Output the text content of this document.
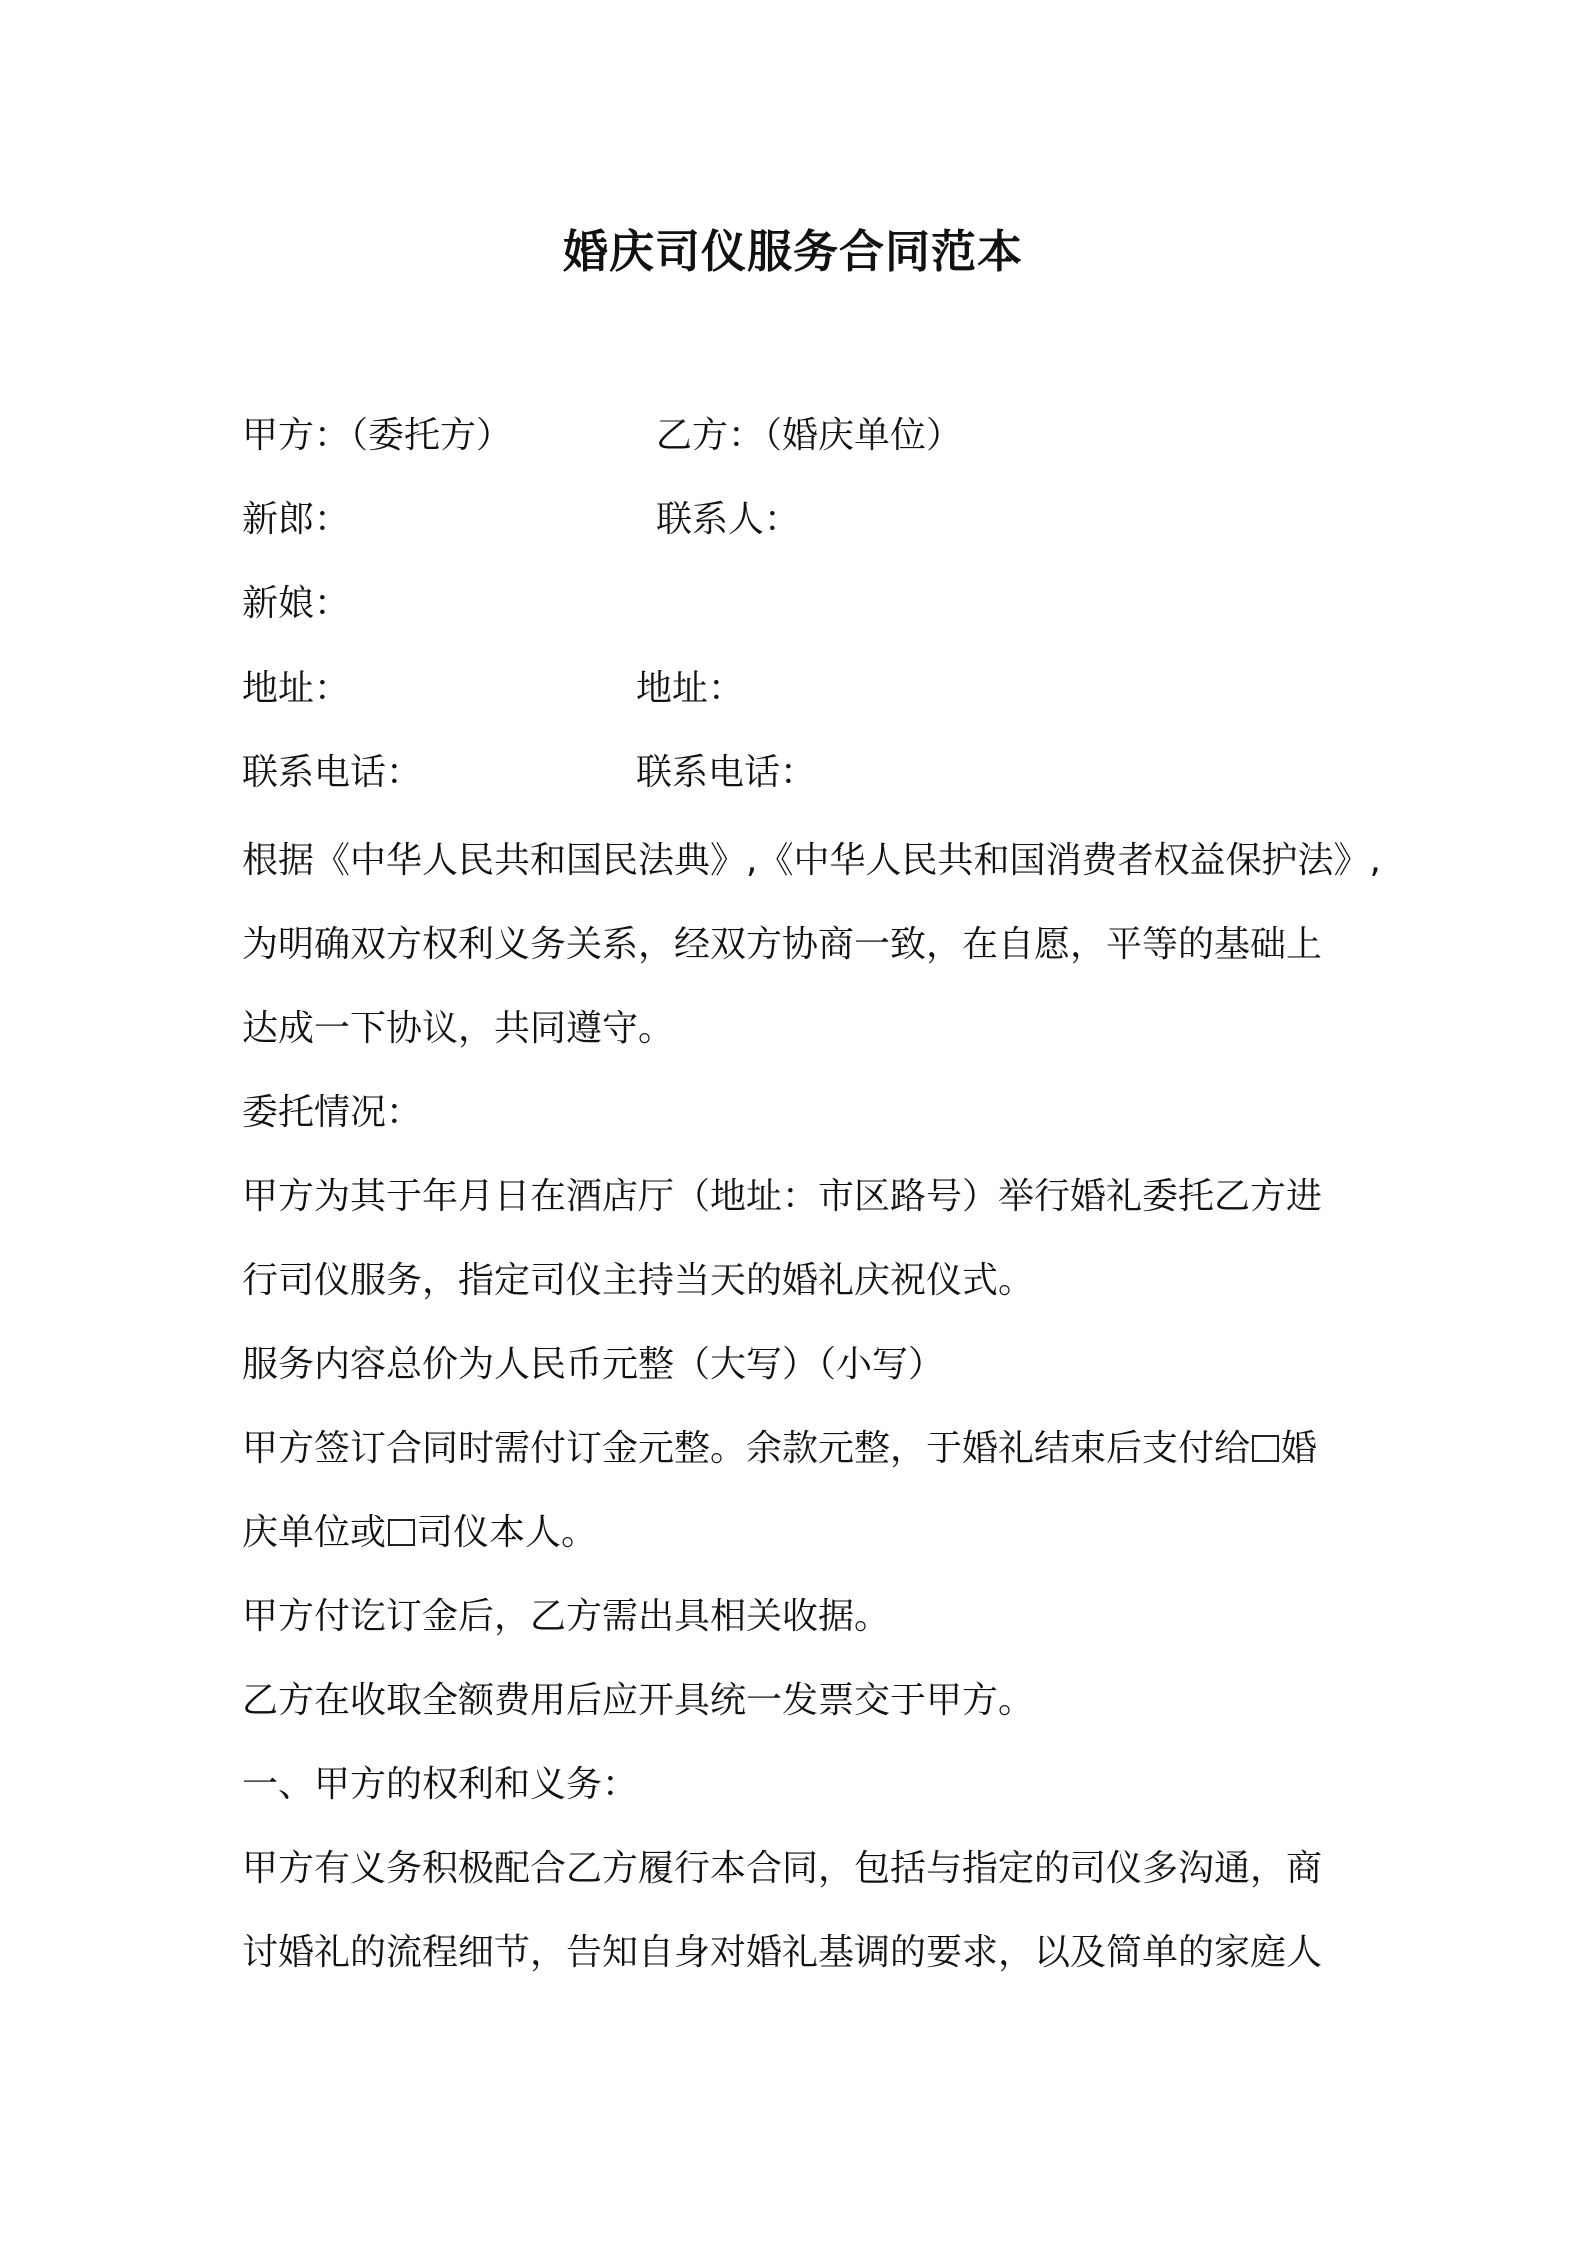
婚庆司仪服务合同范本
甲方：（委托方）	乙方：（婚庆单位）
新郎：	联系人：
新娘：
地址：	地址：
联系电话：	联系电话：
根据《中华人民共和国民法典》,《中华人民共和国消费者权益保护法》,
为明确双方权利义务关系，经双方协商一致，在自愿，平等的基础上
达成一下协议，共同遵守。
委托情况：
甲方为其于年月日在酒店厅（地址：市区路号）举行婚礼委托乙方进
行司仪服务，指定司仪主持当天的婚礼庆祝仪式。
服务内容总价为人民币元整（大写）（小写）
甲方签订合同时需付订金元整。余款元整，于婚礼结束后支付给 婚
庆单位或 司仪本人。
甲方付讫订金后，乙方需出具相关收据。
乙方在收取全额费用后应开具统一发票交于甲方。
一、甲方的权利和义务：
甲方有义务积极配合乙方履行本合同，包括与指定的司仪多沟通，商
讨婚礼的流程细节，告知自身对婚礼基调的要求，以及简单的家庭人
